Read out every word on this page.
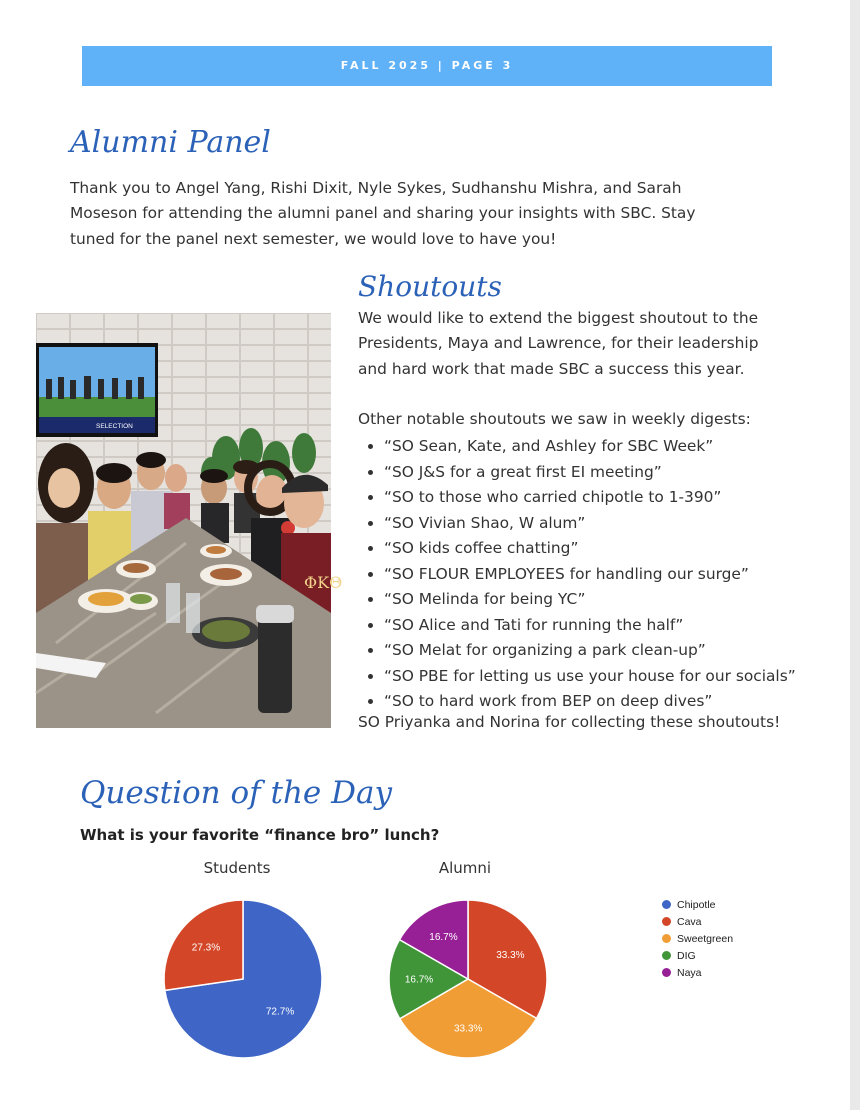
FALL 2025 | PAGE 3
Alumni Panel

Thank you to Angel Yang, Rishi Dixit, Nyle Sykes, Sudhanshu Mishra, and Sarah

Moseson for attending the alumni panel and sharing your insights with SBC. Stay

tuned for the panel next semester, we would love to have you!

SELECTION
ΦΚΘ
Shoutouts

We would like to extend the biggest shoutout to the

Presidents, Maya and Lawrence, for their leadership

and hard work that made SBC a success this year.

Other notable shoutouts we saw in weekly digests:

• “SO Sean, Kate, and Ashley for SBC Week”
• “SO J&S for a great first EI meeting”
• “SO to those who carried chipotle to 1-390”
• “SO Vivian Shao, W alum”
• “SO kids coffee chatting”
• “SO FLOUR EMPLOYEES for handling our surge”
• “SO Melinda for being YC”
• “SO Alice and Tati for running the half”
• “SO Melat for organizing a park clean-up”
• “SO PBE for letting us use your house for our socials”
• “SO to hard work from BEP on deep dives”
SO Priyanka and Norina for collecting these shoutouts!
Question of the Day
What is your favorite “finance bro” lunch?
Students	Alumni
72.7%
27.3%
33.3%
33.3%
16.7%
16.7%
Chipotle
Cava
Sweetgreen
DIG
Naya
